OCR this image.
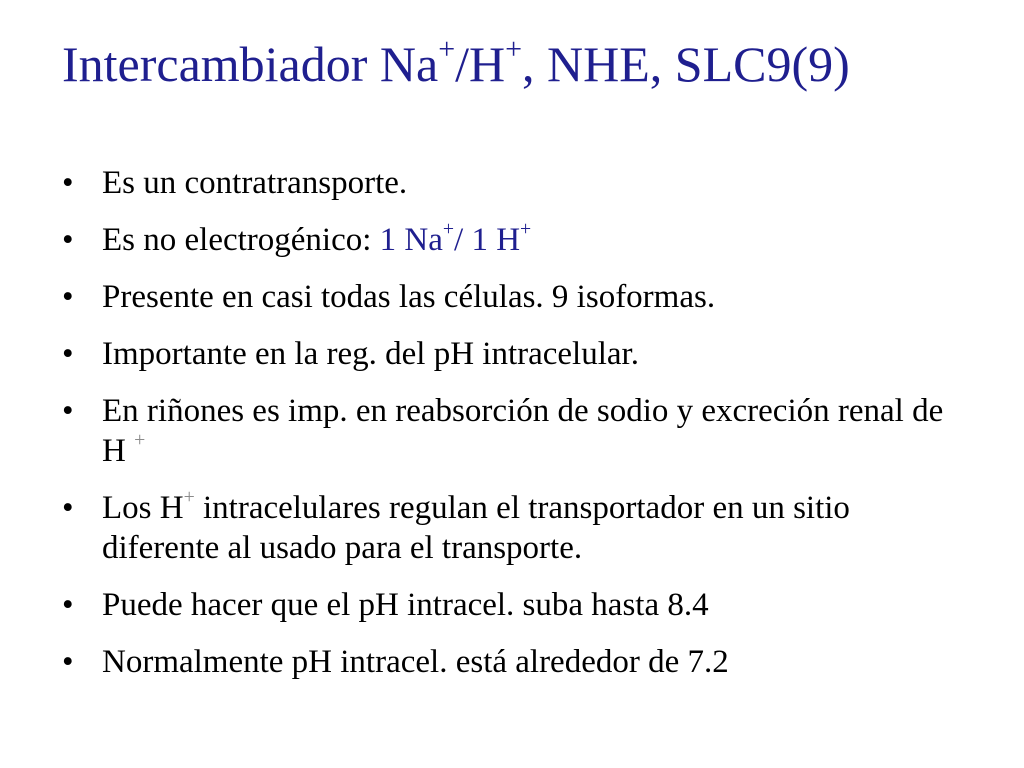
Intercambiador Na+/H+, NHE, SLC9(9)
• Es un contratransporte.
• Es no electrogénico: 1 Na+/ 1 H+
• Presente en casi todas las células. 9 isoformas.
• Importante en la reg. del pH intracelular.
• En riñones es imp. en reabsorción de sodio y excreción renal de H +
• Los H+ intracelulares regulan el transportador en un sitio diferente al usado para el transporte.
• Puede hacer que el pH intracel. suba hasta 8.4
• Normalmente pH intracel. está alrededor de 7.2
